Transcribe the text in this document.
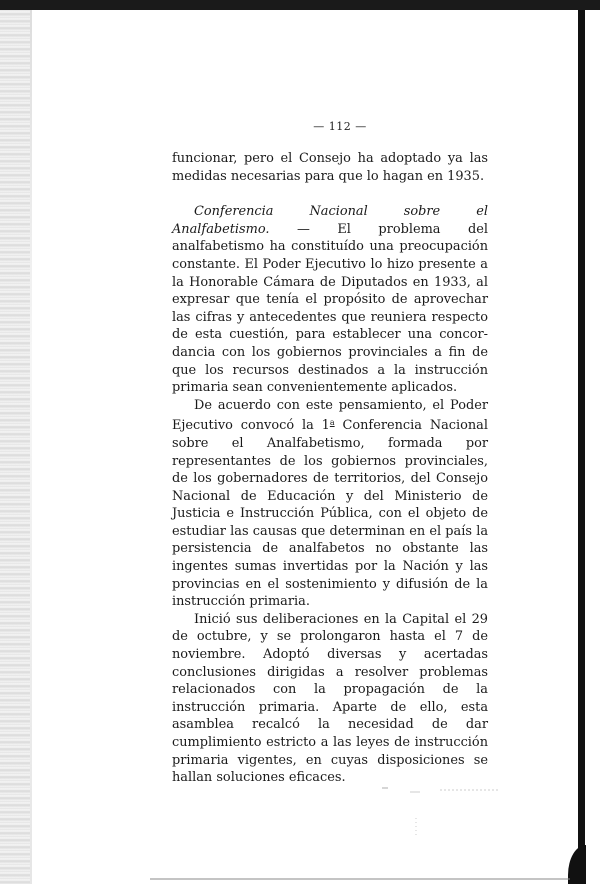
— 112 —

funcionar, pero el Consejo ha adoptado ya las medidas necesarias para que lo hagan en 1935.

Conferencia Nacional sobre el Analfabetismo. — El problema del analfabetismo ha constituído una preocupación constante. El Poder Ejecutivo lo hizo presente a la Honorable Cámara de Diputados en 1933, al expresar que tenía el propósito de aprovechar las cifras y antecedentes que reuniera respecto de esta cuestión, para establecer una concordancia con los gobiernos provinciales a fin de que los recursos destinados a la instrucción primaria sean convenientemente aplicados.

De acuerdo con este pensamiento, el Poder Ejecutivo convocó la 1$^a$ Conferencia Nacional sobre el Analfabetismo, formada por representantes de los gobiernos provinciales, de los gobernadores de territorios, del Consejo Nacional de Educación y del Ministerio de Justicia e Instrucción Pública, con el objeto de estudiar las causas que determinan en el país la persistencia de analfabetos no obstante las ingentes sumas invertidas por la Nación y las provincias en el sostenimiento y difusión de la instrucción primaria.

Inició sus deliberaciones en la Capital el 29 de octubre, y se prolongaron hasta el 7 de noviembre. Adoptó diversas y acertadas conclusiones dirigidas a resolver problemas relacionados con la propagación de la instrucción primaria. Aparte de ello, esta asamblea recalcó la necesidad de dar cumplimiento estricto a las leyes de instrucción primaria vigentes, en cuyas disposiciones se hallan soluciones eficaces.
